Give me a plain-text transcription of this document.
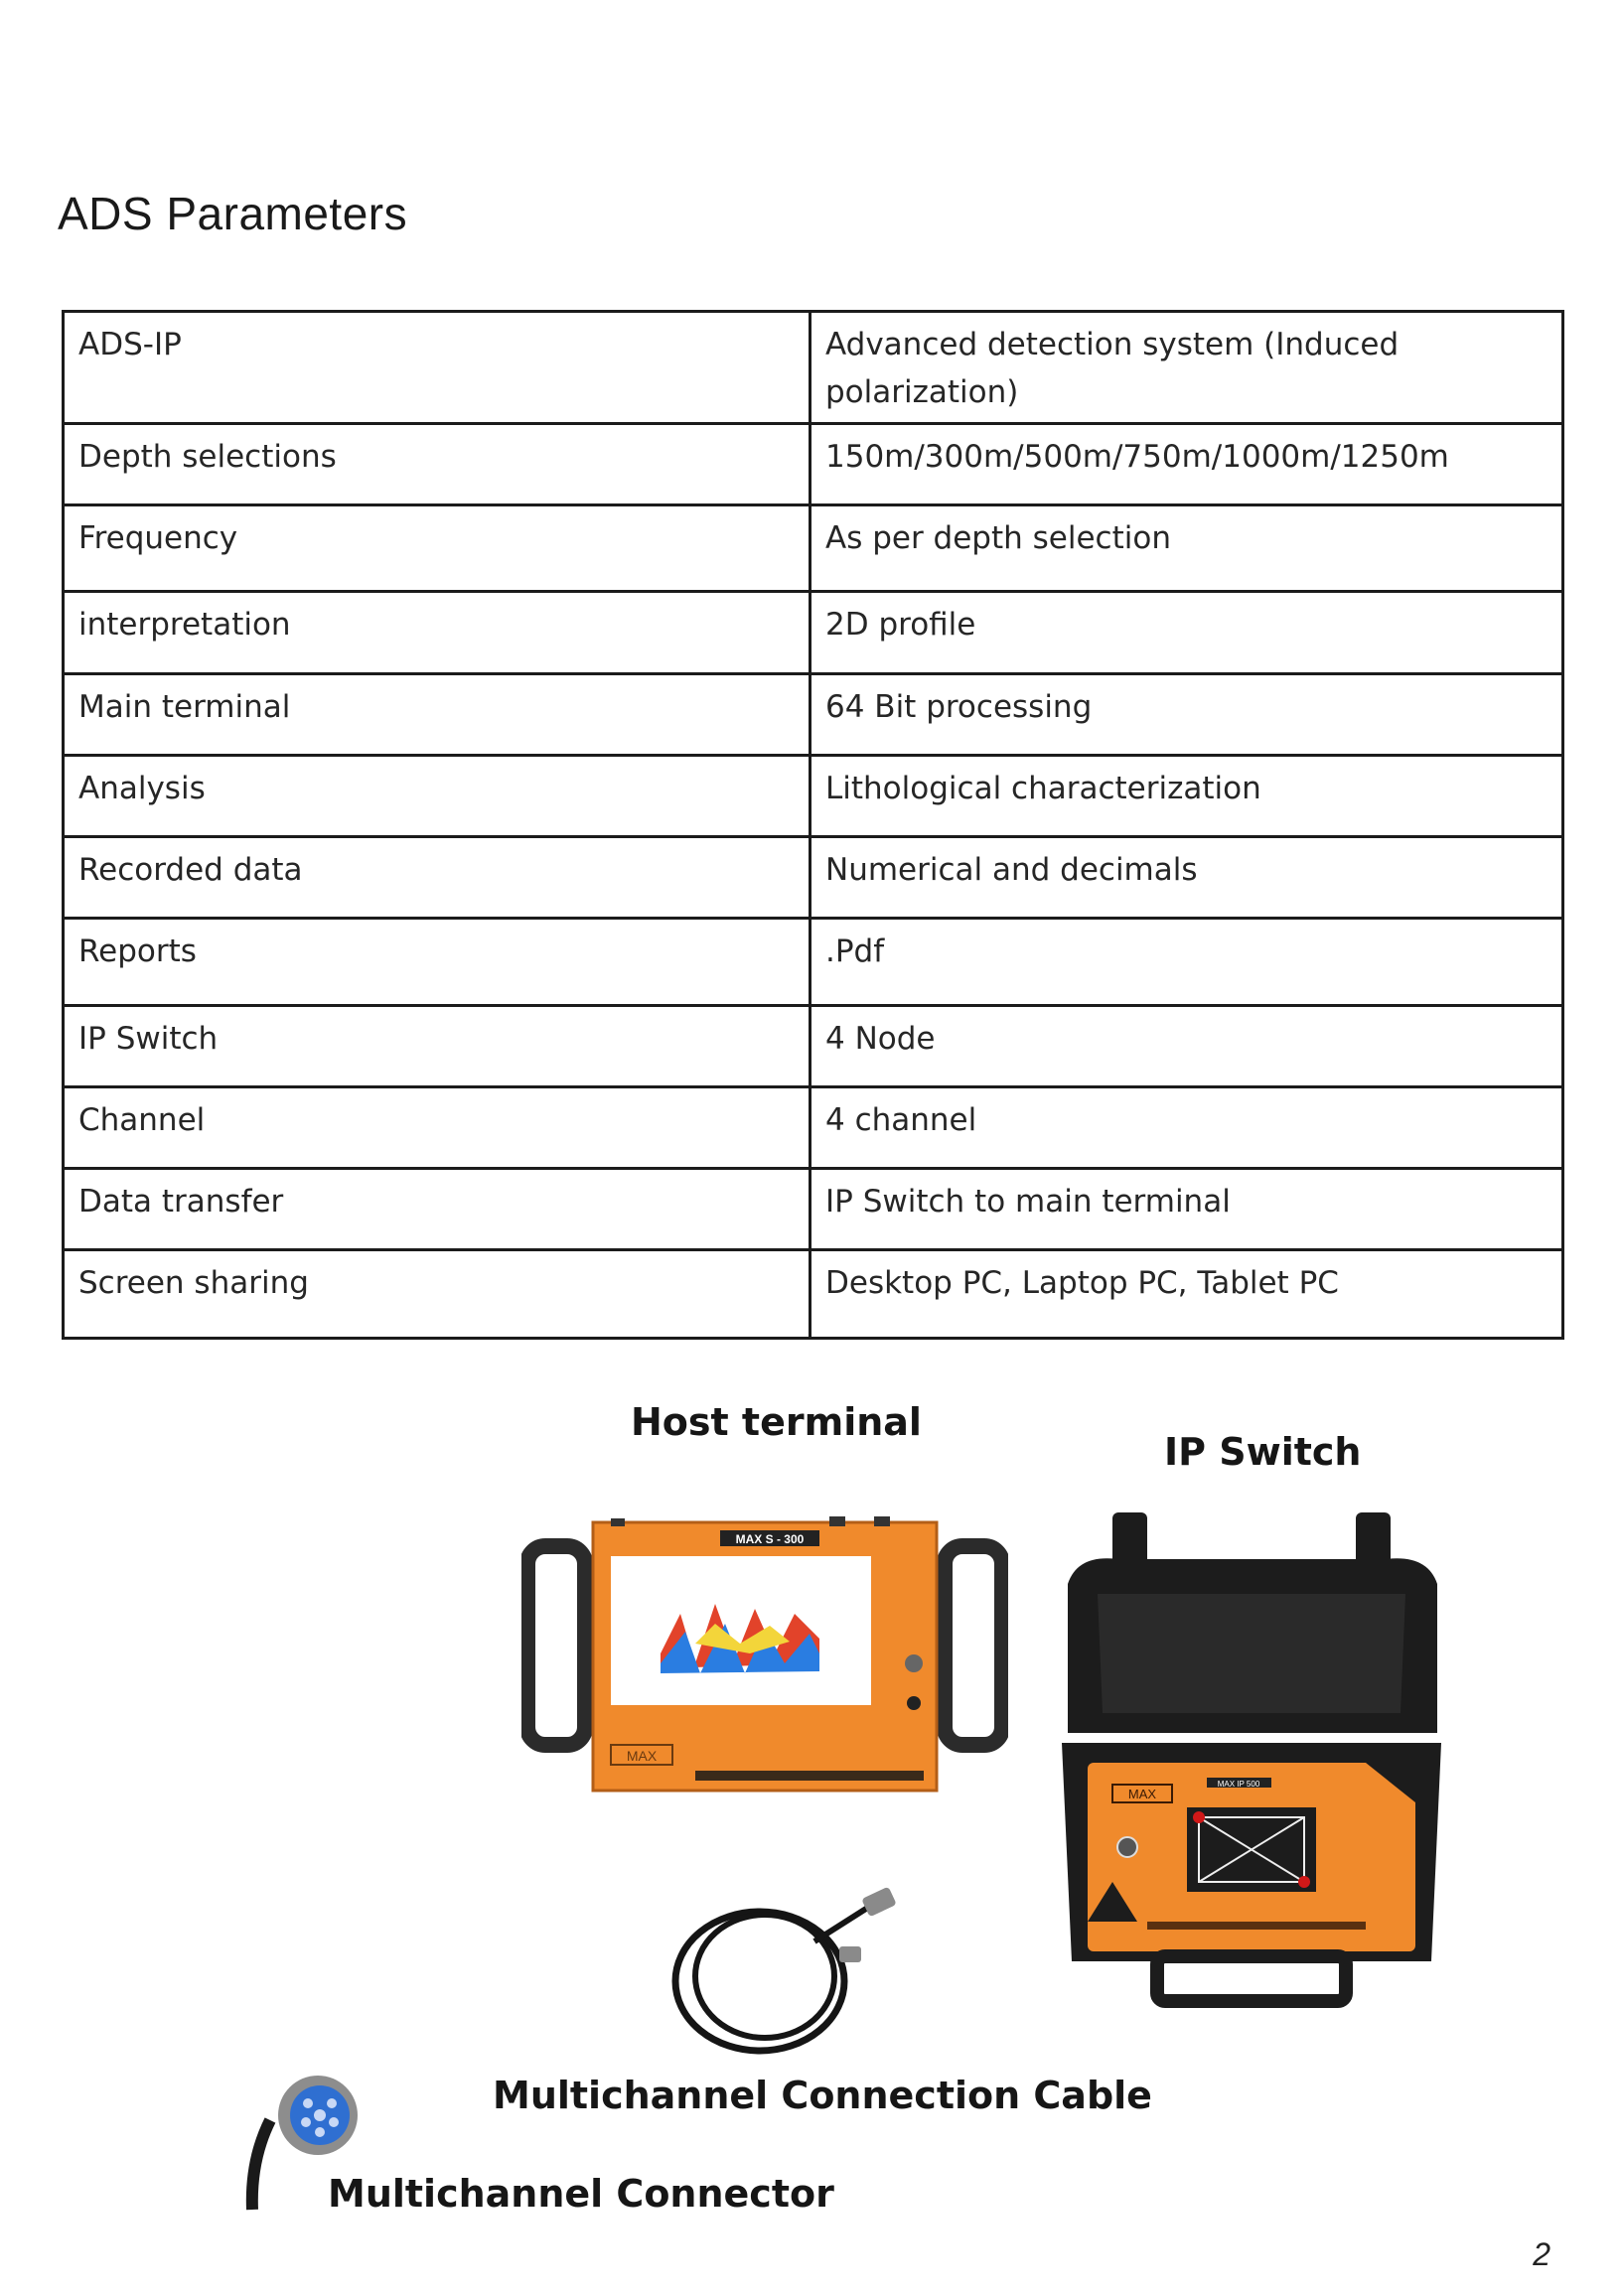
ADS Parameters
ADS-IP	Advanced detection system (Induced polarization)
Depth selections	150m/300m/500m/750m/1000m/1250m
Frequency	As per depth selection
interpretation	2D profile
Main terminal	64 Bit processing
Analysis	Lithological characterization
Recorded data	Numerical and decimals
Reports	.Pdf
IP Switch	4 Node
Channel	4 channel
Data transfer	IP Switch to main terminal
Screen sharing	Desktop PC, Laptop PC, Tablet PC
Host terminal
IP Switch
Multichannel Connection Cable
Multichannel Connector
MAX S - 300
MAX
MAX
MAX IP 500
2
